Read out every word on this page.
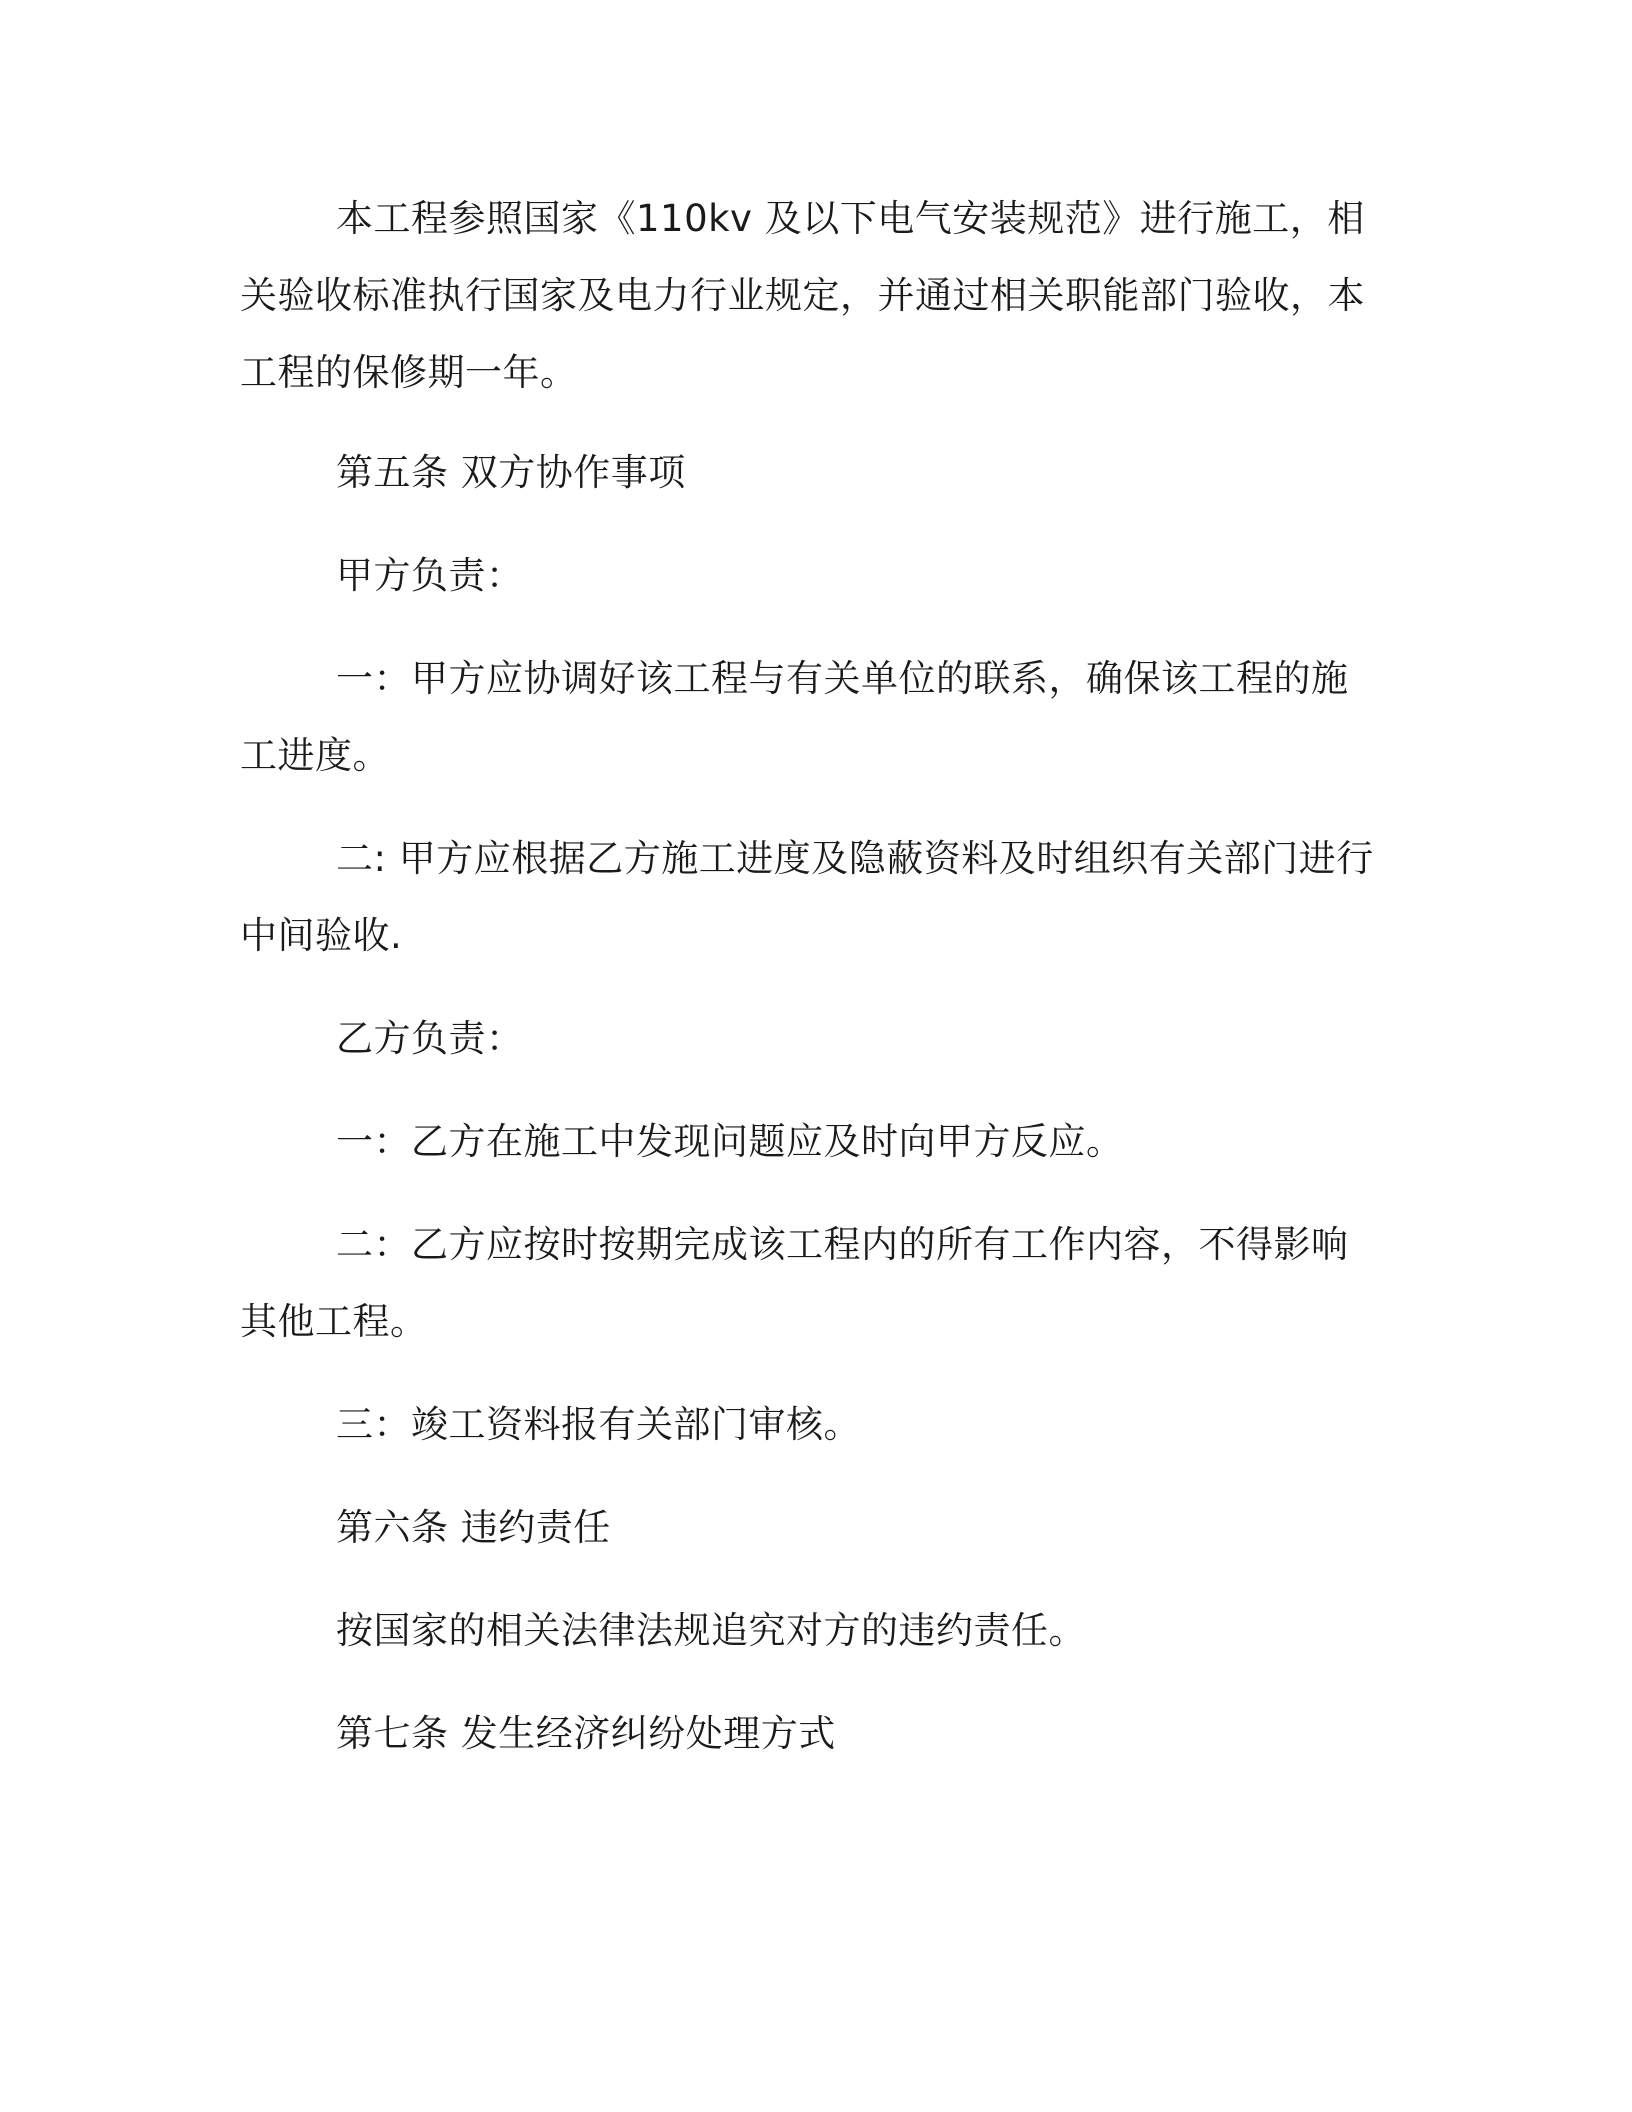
本工程参照国家《110kv 及以下电气安装规范》进行施工，相关验收标准执行国家及电力行业规定，并通过相关职能部门验收，本工程的保修期一年。

第五条 双方协作事项

甲方负责：

一：甲方应协调好该工程与有关单位的联系，确保该工程的施工进度。

二: 甲方应根据乙方施工进度及隐蔽资料及时组织有关部门进行中间验收.

乙方负责：

一：乙方在施工中发现问题应及时向甲方反应。

二：乙方应按时按期完成该工程内的所有工作内容，不得影响其他工程。

三：竣工资料报有关部门审核。

第六条 违约责任

按国家的相关法律法规追究对方的违约责任。

第七条 发生经济纠纷处理方式
